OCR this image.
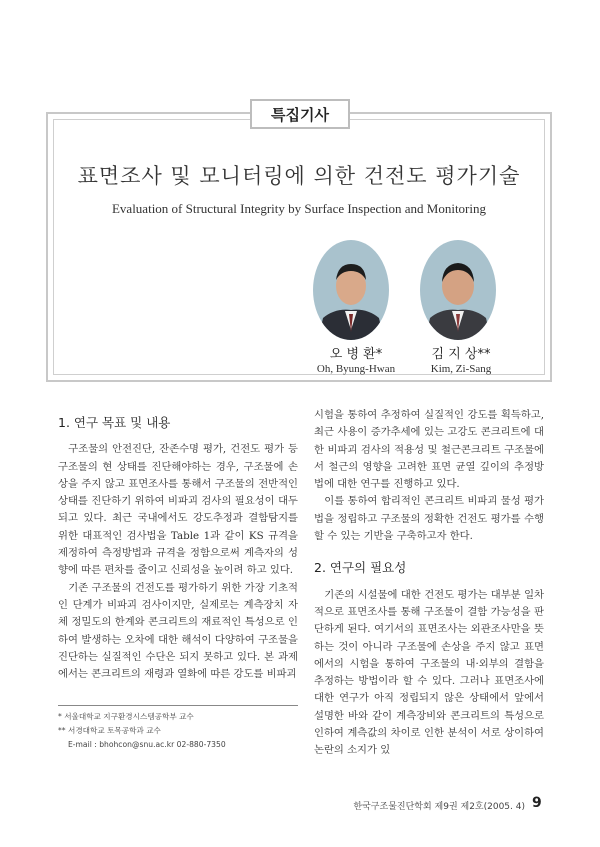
특집기사
표면조사 및 모니터링에 의한 건전도 평가기술
Evaluation of Structural Integrity by Surface Inspection and Monitoring
오 병 환*
Oh, Byung-Hwan
김 지 상**
Kim, Zi-Sang
1. 연구 목표 및 내용

구조물의 안전진단, 잔존수명 평가, 건전도 평가 등 구조물의 현 상태를 진단해야하는 경우, 구조물에 손상을 주지 않고 표면조사를 통해서 구조물의 전반적인 상태를 진단하기 위하여 비파괴 검사의 필요성이 대두되고 있다. 최근 국내에서도 강도추정과 결함탐지를 위한 대표적인 검사법을 Table 1과 같이 KS 규격을 제정하여 측정방법과 규격을 정함으로써 계측자의 성향에 따른 편차를 줄이고 신뢰성을 높이려 하고 있다.

기존 구조물의 건전도를 평가하기 위한 가장 기초적인 단계가 비파괴 검사이지만, 실제로는 계측장치 자체 정밀도의 한계와 콘크리트의 재료적인 특성으로 인하여 발생하는 오차에 대한 해석이 다양하여 구조물을 진단하는 실질적인 수단은 되지 못하고 있다. 본 과제에서는 콘크리트의 재령과 열화에 따른 강도를 비파괴

시험을 통하여 추정하여 실질적인 강도를 획득하고, 최근 사용이 증가추세에 있는 고강도 콘크리트에 대한 비파괴 검사의 적용성 및 철근콘크리트 구조물에서 철근의 영향을 고려한 표면 균열 깊이의 추정방법에 대한 연구를 진행하고 있다.

이를 통하여 합리적인 콘크리트 비파괴 물성 평가법을 정립하고 구조물의 정확한 건전도 평가를 수행할 수 있는 기반을 구축하고자 한다.

2. 연구의 필요성

기존의 시설물에 대한 건전도 평가는 대부분 일차적으로 표면조사를 통해 구조물이 결함 가능성을 판단하게 된다. 여기서의 표면조사는 외관조사만을 뜻하는 것이 아니라 구조물에 손상을 주지 않고 표면에서의 시험을 통하여 구조물의 내·외부의 결함을 추정하는 방법이라 할 수 있다. 그러나 표면조사에 대한 연구가 아직 정립되지 않은 상태에서 앞에서 설명한 바와 같이 계측장비와 콘크리트의 특성으로 인하여 계측값의 차이로 인한 분석이 서로 상이하여 논란의 소지가 있

* 서울대학교 지구환경시스템공학부 교수
** 서경대학교 토목공학과 교수
E-mail : bhohcon@snu.ac.kr 02-880-7350
한국구조물진단학회 제9권 제2호(2005. 4) 9
